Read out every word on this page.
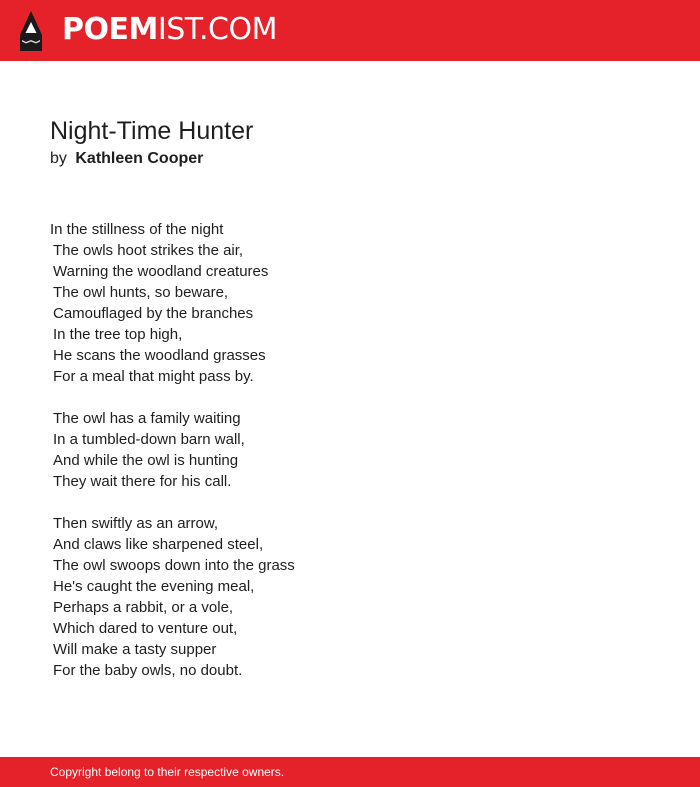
POEMIST.COM
Night-Time Hunter
by Kathleen Cooper
In the stillness of the night
The owls hoot strikes the air,
Warning the woodland creatures
The owl hunts, so beware,
Camouflaged by the branches
In the tree top high,
He scans the woodland grasses
For a meal that might pass by.
The owl has a family waiting
In a tumbled-down barn wall,
And while the owl is hunting
They wait there for his call.
Then swiftly as an arrow,
And claws like sharpened steel,
The owl swoops down into the grass
He's caught the evening meal,
Perhaps a rabbit, or a vole,
Which dared to venture out,
Will make a tasty supper
For the baby owls, no doubt.
Copyright belong to their respective owners.
